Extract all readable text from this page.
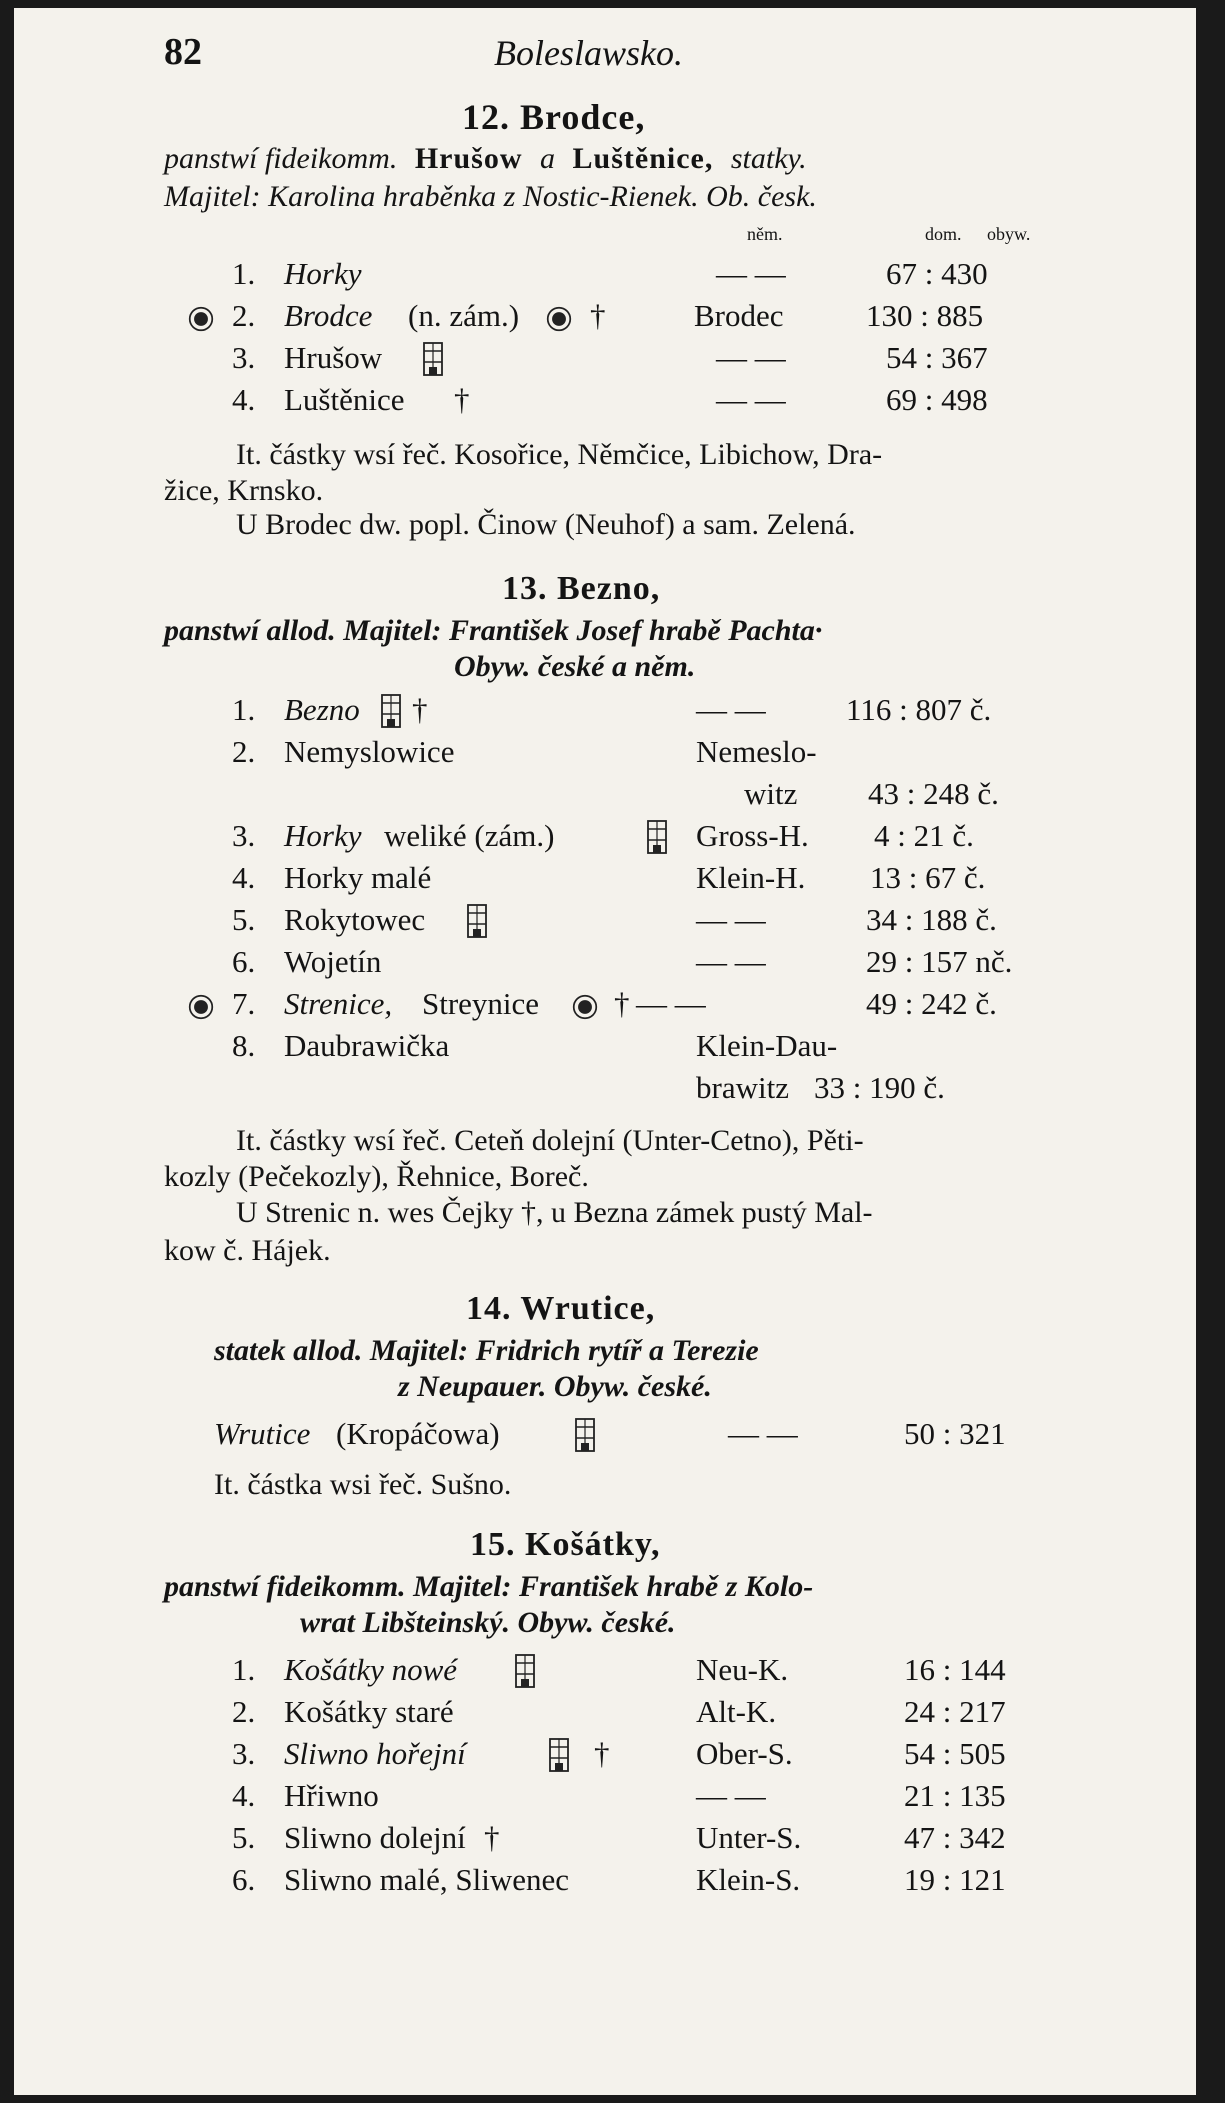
82	Boleslawsko.
12. Brodce,
panstwí fideikomm. Hrušow a Luštěnice, statky.
Majitel: Karolina hraběnka z Nostic-Rienek. Ob. česk.
něm.	dom. obyw.
1. Horky	— —	67 : 430
2. Brodce (n. zám.) †	Brodec	130 : 885
3. Hrušow	— —	54 : 367
4. Luštěnice †	— —	69 : 498
It. částky wsí řeč. Kosořice, Němčice, Libichow, Dra-
žice, Krnsko.
U Brodec dw. popl. Činow (Neuhof) a sam. Zelená.
13. Bezno,
panstwí allod. Majitel: František Josef hrabě Pachta·
Obyw. české a něm.
1. Bezno †	— —	116 : 807 č.
2. Nemyslowice	Nemeslo-
witz 43 : 248 č.
3. Horky weliké (zám.)	Gross-H. 4 : 21 č.
4. Horky malé	Klein-H. 13 : 67 č.
5. Rokytowec	— —	34 : 188 č.
6. Wojetín	— —	29 : 157 nč.
7. Strenice, Streynice † — —	49 : 242 č.
8. Daubrawička	Klein-Dau-
brawitz 33 : 190 č.
It. částky wsí řeč. Ceteň dolejní (Unter-Cetno), Pěti-
kozly (Pečekozly), Řehnice, Boreč.
U Strenic n. wes Čejky †, u Bezna zámek pustý Mal-
kow č. Hájek.
14. Wrutice,
statek allod. Majitel: Fridrich rytíř a Terezie
z Neupauer. Obyw. české.
Wrutice (Kropáčowa)	— —	50 : 321
It. částka wsi řeč. Sušno.
15. Košátky,
panstwí fideikomm. Majitel: František hrabě z Kolo-
wrat Libšteinský. Obyw. české.
1. Košátky nowé	Neu-K.	16 : 144
2. Košátky staré	Alt-K.	24 : 217
3. Sliwno hořejní	†	Ober-S.	54 : 505
4. Hřiwno	— —	21 : 135
5. Sliwno dolejní †	Unter-S.	47 : 342
6. Sliwno malé, Sliwenec	Klein-S.	19 : 121
